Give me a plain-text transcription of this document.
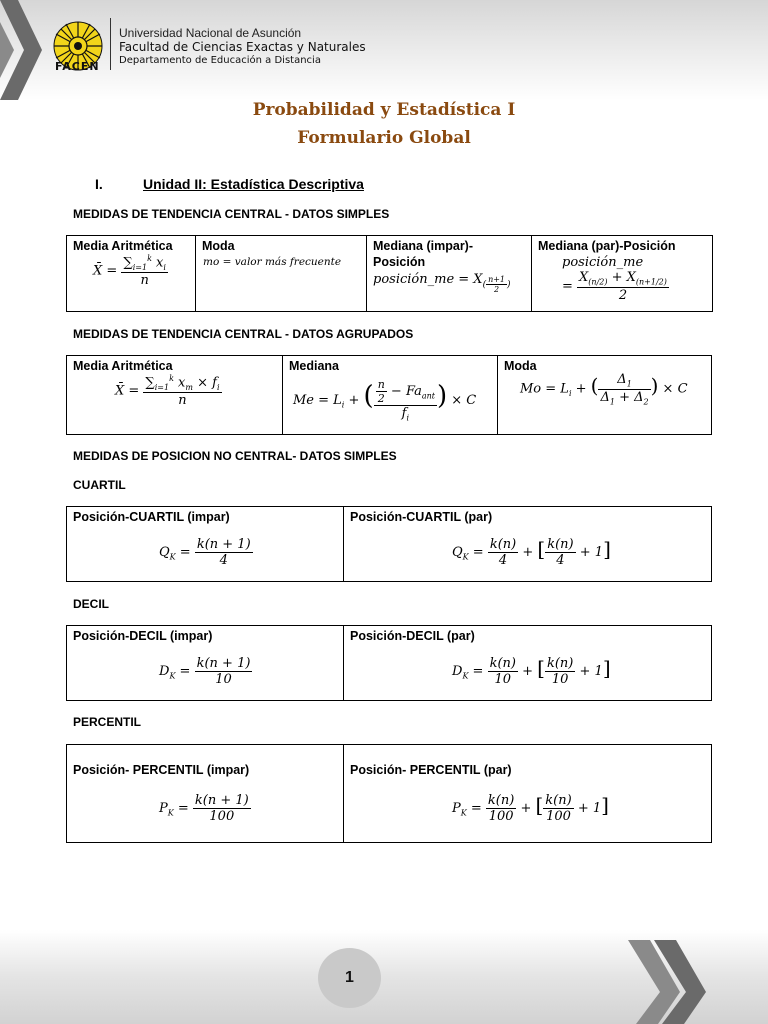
FACEN
Universidad Nacional de Asunción
Facultad de Ciencias Exactas y Naturales
Departamento de Educación a Distancia
Probabilidad y Estadística I
Formulario Global
I.	Unidad II: Estadística Descriptiva
MEDIDAS DE TENDENCIA CENTRAL - DATOS SIMPLES
Media Aritmética
X̄ = $\frac{\sum_{i=1}^k x_i}{n}$

Moda
mo = valor más frecuente

Mediana (impar)-
Posición
posición_me = $X_{( \frac{n+1}{2} )}$

Mediana (par)-Posición
posición_me
= $\frac{X_{(n/2)} + X_{(n+1/2)}}{2}$
MEDIDAS DE TENDENCIA CENTRAL - DATOS AGRUPADOS
Media Aritmética
X̄ = $\frac{\sum_{i=1}^k x_m \times f_i}{n}$

Mediana
$Me = L_i$ + ( $\frac{\frac{n}{2} - Fa_{ant}}{f_i}$ ) × C

Moda
$Mo = L_i$ + ( $\frac{\Delta_1}{\Delta_1 + \Delta_2}$ ) × C
MEDIDAS DE POSICION NO CENTRAL- DATOS SIMPLES
CUARTIL
Posición-CUARTIL (impar)
$Q_K = \frac{k(n + 1)}{4}$

Posición-CUARTIL (par)
$Q_K = \frac{k(n)}{4}$ + [ $\frac{k(n)}{4} + 1$]
DECIL
Posición-DECIL (impar)
$D_K = \frac{k(n + 1)}{10}$

Posición-DECIL (par)
$D_K = \frac{k(n)}{10}$ + [ $\frac{k(n)}{10} + 1$]
PERCENTIL
Posición- PERCENTIL (impar)
$P_K = \frac{k(n + 1)}{100}$

Posición- PERCENTIL (par)
$P_K = \frac{k(n)}{100}$ + [ $\frac{k(n)}{100} + 1$]
1
